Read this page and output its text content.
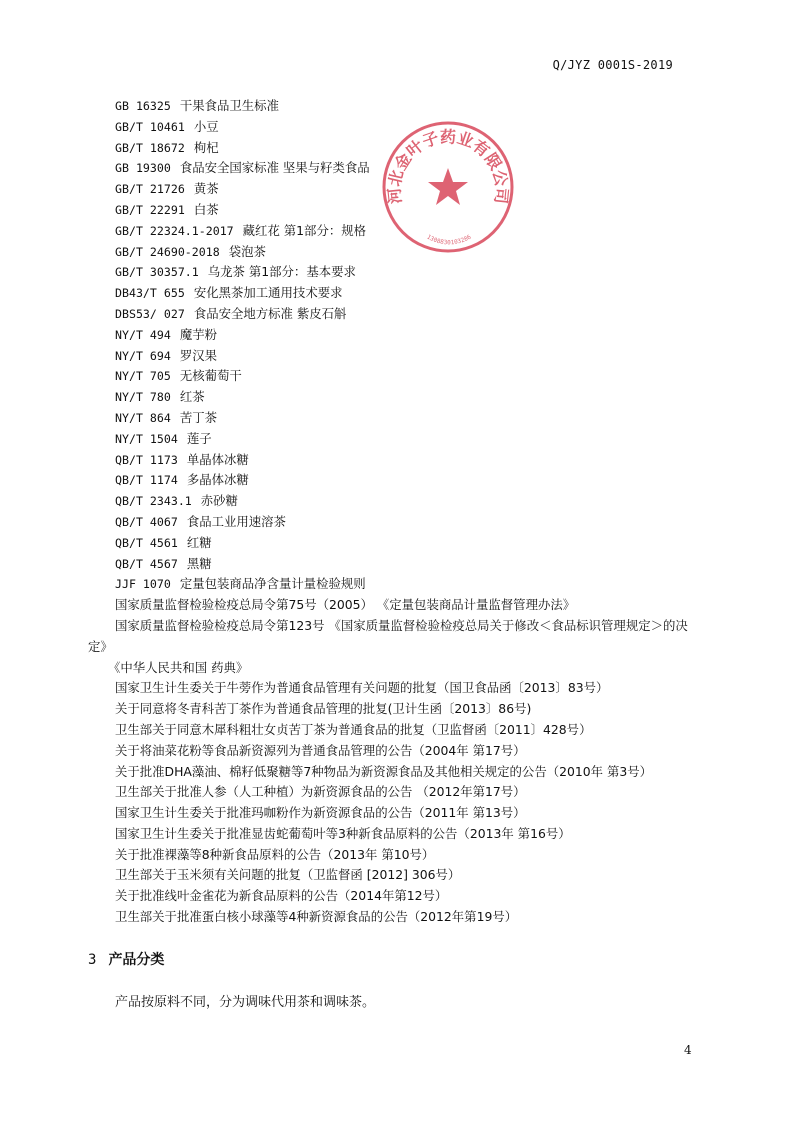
Q/JYZ 0001S-2019
河北金叶子药业有限公司
1308830103286
GB 16325 干果食品卫生标准
GB/T 10461 小豆
GB/T 18672 枸杞
GB 19300 食品安全国家标准 坚果与籽类食品
GB/T 21726 黄茶
GB/T 22291 白茶
GB/T 22324.1-2017 藏红花 第1部分：规格
GB/T 24690-2018 袋泡茶
GB/T 30357.1 乌龙茶 第1部分：基本要求
DB43/T 655 安化黑茶加工通用技术要求
DBS53/ 027 食品安全地方标准 紫皮石斛
NY/T 494 魔芋粉
NY/T 694 罗汉果
NY/T 705 无核葡萄干
NY/T 780 红茶
NY/T 864 苦丁茶
NY/T 1504 莲子
QB/T 1173 单晶体冰糖
QB/T 1174 多晶体冰糖
QB/T 2343.1 赤砂糖
QB/T 4067 食品工业用速溶茶
QB/T 4561 红糖
QB/T 4567 黑糖
JJF 1070 定量包装商品净含量计量检验规则
国家质量监督检验检疫总局令第75号（2005） 《定量包装商品计量监督管理办法》
国家质量监督检验检疫总局令第123号 《国家质量监督检验检疫总局关于修改＜食品标识管理规定＞的决定》
《中华人民共和国 药典》
国家卫生计生委关于牛蒡作为普通食品管理有关问题的批复（国卫食品函〔2013〕83号）
关于同意将冬青科苦丁茶作为普通食品管理的批复(卫计生函〔2013〕86号)
卫生部关于同意木犀科粗壮女贞苦丁茶为普通食品的批复（卫监督函〔2011〕428号）
关于将油菜花粉等食品新资源列为普通食品管理的公告（2004年 第17号）
关于批准DHA藻油、棉籽低聚糖等7种物品为新资源食品及其他相关规定的公告（2010年 第3号）
卫生部关于批准人参（人工种植）为新资源食品的公告 （2012年第17号）
国家卫生计生委关于批准玛咖粉作为新资源食品的公告（2011年 第13号）
国家卫生计生委关于批准显齿蛇葡萄叶等3种新食品原料的公告（2013年 第16号）
关于批准裸藻等8种新食品原料的公告（2013年 第10号）
卫生部关于玉米须有关问题的批复（卫监督函 [2012] 306号）
关于批准线叶金雀花为新食品原料的公告（2014年第12号）
卫生部关于批准蛋白核小球藻等4种新资源食品的公告（2012年第19号）
3 产品分类
产品按原料不同，分为调味代用茶和调味茶。
4
